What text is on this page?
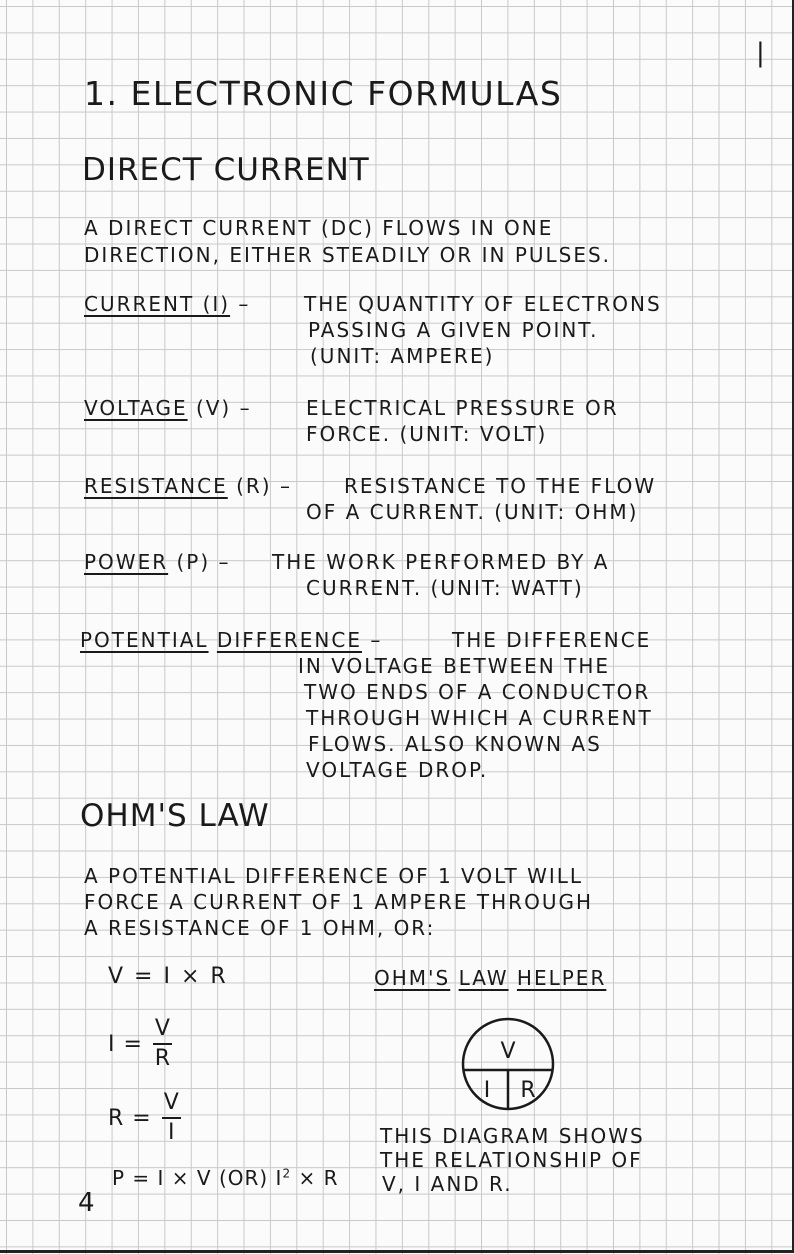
|
1. ELECTRONIC FORMULAS
DIRECT CURRENT
A DIRECT CURRENT (DC) FLOWS IN ONE
DIRECTION, EITHER STEADILY OR IN PULSES.
CURRENT (I) –	THE QUANTITY OF ELECTRONS
PASSING A GIVEN POINT.
(UNIT: AMPERE)
VOLTAGE (V) –	ELECTRICAL PRESSURE OR
FORCE. (UNIT: VOLT)
RESISTANCE (R) –	RESISTANCE TO THE FLOW
OF A CURRENT. (UNIT: OHM)
POWER (P) – THE WORK PERFORMED BY A
CURRENT. (UNIT: WATT)
POTENTIAL DIFFERENCE –	THE DIFFERENCE
IN VOLTAGE BETWEEN THE
TWO ENDS OF A CONDUCTOR
THROUGH WHICH A CURRENT
FLOWS. ALSO KNOWN AS
VOLTAGE DROP.
OHM'S LAW
A POTENTIAL DIFFERENCE OF 1 VOLT WILL
FORCE A CURRENT OF 1 AMPERE THROUGH
A RESISTANCE OF 1 OHM, OR:
V = I × R
$I = \frac{V}{R}$
$R = \frac{V}{I}$
P = I × V (OR) $I^2 \times R$
OHM'S LAW HELPER
V
I R
THIS DIAGRAM SHOWS
THE RELATIONSHIP OF
V, I AND R.
4
